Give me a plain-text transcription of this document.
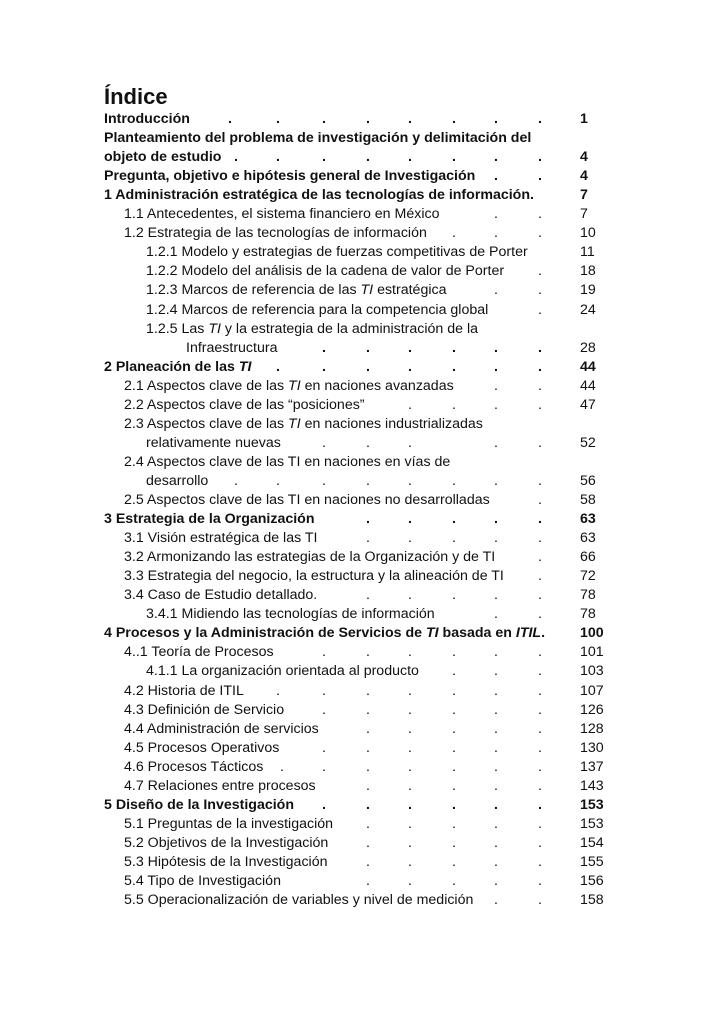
Índice
Introducción	.	.	.	.	.	.	.	.	1
Planteamiento del problema de investigación y delimitación del
objeto de estudio .	.	.	.	.	.	.	.	4
Pregunta, objetivo e hipótesis general de Investigación .	.	4
1 Administración estratégica de las tecnologías de información.	7
1.1 Antecedentes, el sistema financiero en México	.	.	7
1.2 Estrategia de las tecnologías de información .	.	.	10
1.2.1 Modelo y estrategias de fuerzas competitivas de Porter	11
1.2.2 Modelo del análisis de la cadena de valor de Porter .	18
1.2.3 Marcos de referencia de las TI estratégica	.	.	19
1.2.4 Marcos de referencia para la competencia global	.	24
1.2.5 Las TI y la estrategia de la administración de la
Infraestructura	.	.	.	.	.	.	28
2 Planeación de las TI .	.	.	.	.	.	.	44
2.1 Aspectos clave de las TI en naciones avanzadas	.	.	44
2.2 Aspectos clave de las “posiciones”	.	.	.	.	47
2.3 Aspectos clave de las TI en naciones industrializadas
relativamente nuevas	.	.	.	.	.	52
2.4 Aspectos clave de las TI en naciones en vías de
desarrollo .	.	.	.	.	.	.	.	56
2.5 Aspectos clave de las TI en naciones no desarrolladas	.	58
3 Estrategia de la Organización	.	.	.	.	.	63
3.1 Visión estratégica de las TI	.	.	.	.	.	63
3.2 Armonizando las estrategias de la Organización y de TI	.	66
3.3 Estrategia del negocio, la estructura y la alineación de TI .	72
3.4 Caso de Estudio detallado.	.	.	.	.	.	78
3.4.1 Midiendo las tecnologías de información	.	.	78
4 Procesos y la Administración de Servicios de TI basada en ITIL. 100
4..1 Teoría de Procesos	.	.	.	.	.	.	101
4.1.1 La organización orientada al producto .	.	.	103
4.2 Historia de ITIL .	.	.	.	.	.	.	107
4.3 Definición de Servicio	.	.	.	.	.	.	126
4.4 Administración de servicios	.	.	.	.	.	128
4.5 Procesos Operativos	.	.	.	.	.	.	130
4.6 Procesos Tácticos .	.	.	.	.	.	.	137
4.7 Relaciones entre procesos	.	.	.	.	.	143
5 Diseño de la Investigación .	.	.	.	.	.	153
5.1 Preguntas de la investigación .	.	.	.	.	153
5.2 Objetivos de la Investigación	.	.	.	.	.	154
5.3 Hipótesis de la Investigación	.	.	.	.	.	155
5.4 Tipo de Investigación	.	.	.	.	.	156
5.5 Operacionalización de variables y nivel de medición .	.	158
